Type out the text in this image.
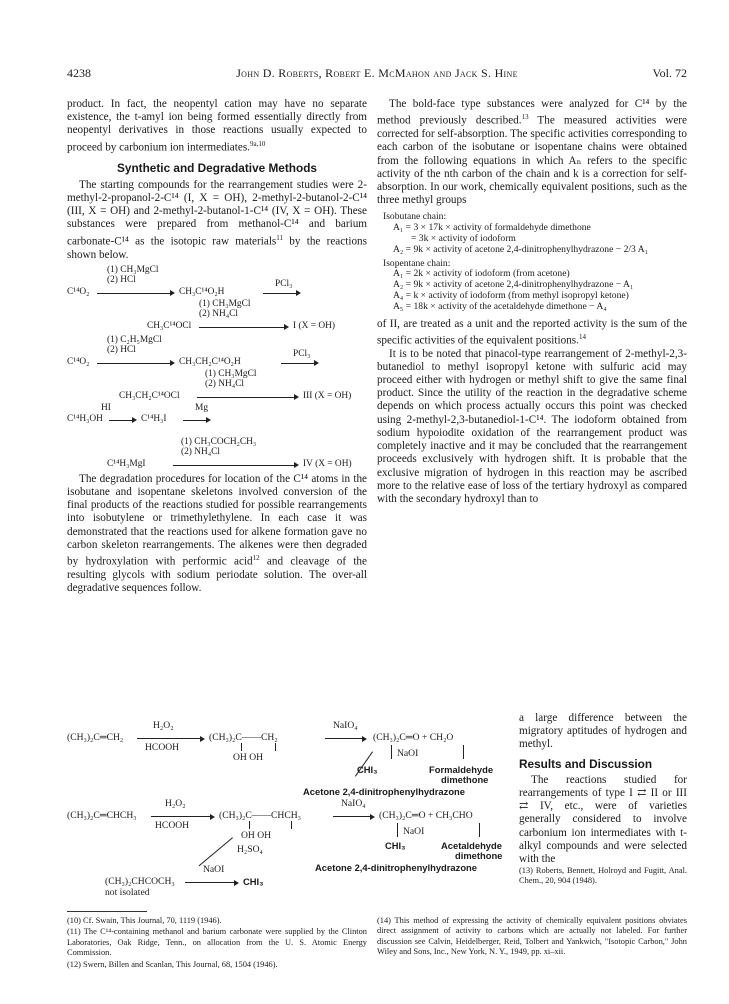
4238	John D. Roberts, Robert E. McMahon and Jack S. Hine	Vol. 72

product. In fact, the neopentyl cation may have no separate existence, the t-amyl ion being formed essentially directly from neopentyl derivatives in those reactions usually expected to proceed by carbonium ion intermediates.$^{9a,10}$

Synthetic and Degradative Methods

The starting compounds for the rearrangement studies were 2-methyl-2-propanol-2-C¹⁴ (I, X = OH), 2-methyl-2-butanol-2-C¹⁴ (III, X = OH) and 2-methyl-2-butanol-1-C¹⁴ (IV, X = OH). These substances were prepared from methanol-C¹⁴ and barium carbonate-C¹⁴ as the isotopic raw materials$^{11}$ by the reactions shown below.

(1) CH₃MgCl
(2) HCl
C¹⁴O₂	CH₃C¹⁴O₂H
PCl₃
(1) CH₃MgCl
(2) NH₄Cl
CH₃C¹⁴OCl	I (X = OH)
(1) C₂H₅MgCl
(2) HCl
C¹⁴O₂	CH₃CH₂C¹⁴O₂H
PCl₃
(1) CH₃MgCl
(2) NH₄Cl
CH₃CH₂C¹⁴OCl	III (X = OH)
HI	Mg
C¹⁴H₃OH → C¹⁴H₃I
(1) CH₃COCH₂CH₃
(2) NH₄Cl
C¹⁴H₃MgI	IV (X = OH)

The degradation procedures for location of the C¹⁴ atoms in the isobutane and isopentane skeletons involved conversion of the final products of the reactions studied for possible rearrangements into isobutylene or trimethylethylene. In each case it was demonstrated that the reactions used for alkene formation gave no carbon skeleton rearrangements. The alkenes were then degraded by hydroxylation with performic acid$^{12}$ and cleavage of the resulting glycols with sodium periodate solution. The over-all degradative sequences follow.

The bold-face type substances were analyzed for C¹⁴ by the method previously described.$^{13}$ The measured activities were corrected for self-absorption. The specific activities corresponding to each carbon of the isobutane or isopentane chains were obtained from the following equations in which Aₙ refers to the specific activity of the nth carbon of the chain and k is a correction for self-absorption. In our work, chemically equivalent positions, such as the three methyl groups

Isobutane chain:
A₁ = 3 × 17k × activity of formaldehyde dimethone
= 3k × activity of iodoform
A₂ = 9k × activity of acetone 2,4-dinitrophenylhydrazone − 2/3 A₁
Isopentane chain:
A₁ = 2k × activity of iodoform (from acetone)
A₂ = 9k × activity of acetone 2,4-dinitrophenylhydrazone − A₁
A₄ = k × activity of iodoform (from methyl isopropyl ketone)
A₅ = 18k × activity of the acetaldehyde dimethone − A₄

of II, are treated as a unit and the reported activity is the sum of the specific activities of the equivalent positions.$^{14}$

It is to be noted that pinacol-type rearrangement of 2-methyl-2,3-butanediol to methyl isopropyl ketone with sulfuric acid may proceed either with hydrogen or methyl shift to give the same final product. Since the utility of the reaction in the degradative scheme depends on which process actually occurs this point was checked using 2-methyl-2,3-butanediol-1-C¹⁴. The iodoform obtained from sodium hypoiodite oxidation of the rearrangement product was completely inactive and it may be concluded that the rearrangement proceeds exclusively with hydrogen shift. It is probable that the exclusive migration of hydrogen in this reaction may be ascribed more to the relative ease of loss of the tertiary hydroxyl as compared with the secondary hydroxyl than to

a large difference between the migratory aptitudes of hydrogen and methyl.

Results and Discussion

The reactions studied for rearrangements of type I ⇄ II or III ⇄ IV, etc., were of varieties generally considered to involve carbonium ion intermediates with t-alkyl compounds and were selected with the

(13) Roberts, Bennett, Holroyd and Fugitt, Anal. Chem., 20, 904 (1948).

H₂O₂
(CH₃)₂C═CH₂
HCOOH
(CH₃)₂C——CH₂
OH OH
NaIO₄
(CH₃)₂C═O + CH₂O
NaOI
CHI₃	Formaldehyde
dimethone
Acetone 2,4-dinitrophenylhydrazone
H₂O₂
(CH₃)₂C═CHCH₃
HCOOH
(CH₃)₂C——CHCH₃
OH OH
NaIO₄
(CH₃)₂C═O + CH₃CHO
NaOI
CHI₃	Acetaldehyde
dimethone
Acetone 2,4-dinitrophenylhydrazone
H₂SO₄
NaOI
(CH₃)₂CHCOCH₃	CHI₃
not isolated

(10) Cf. Swain, This Journal, 70, 1119 (1946).

(11) The C¹⁴-containing methanol and barium carbonate were supplied by the Clinton Laboratories, Oak Ridge, Tenn., on allocation from the U. S. Atomic Energy Commission.

(12) Swern, Billen and Scanlan, This Journal, 68, 1504 (1946).

(14) This method of expressing the activity of chemically equivalent positions obviates direct assignment of activity to carbons which are actually not labeled. For further discussion see Calvin, Heidelberger, Reid, Tolbert and Yankwich, "Isotopic Carbon," John Wiley and Sons, Inc., New York, N. Y., 1949, pp. xi–xii.
